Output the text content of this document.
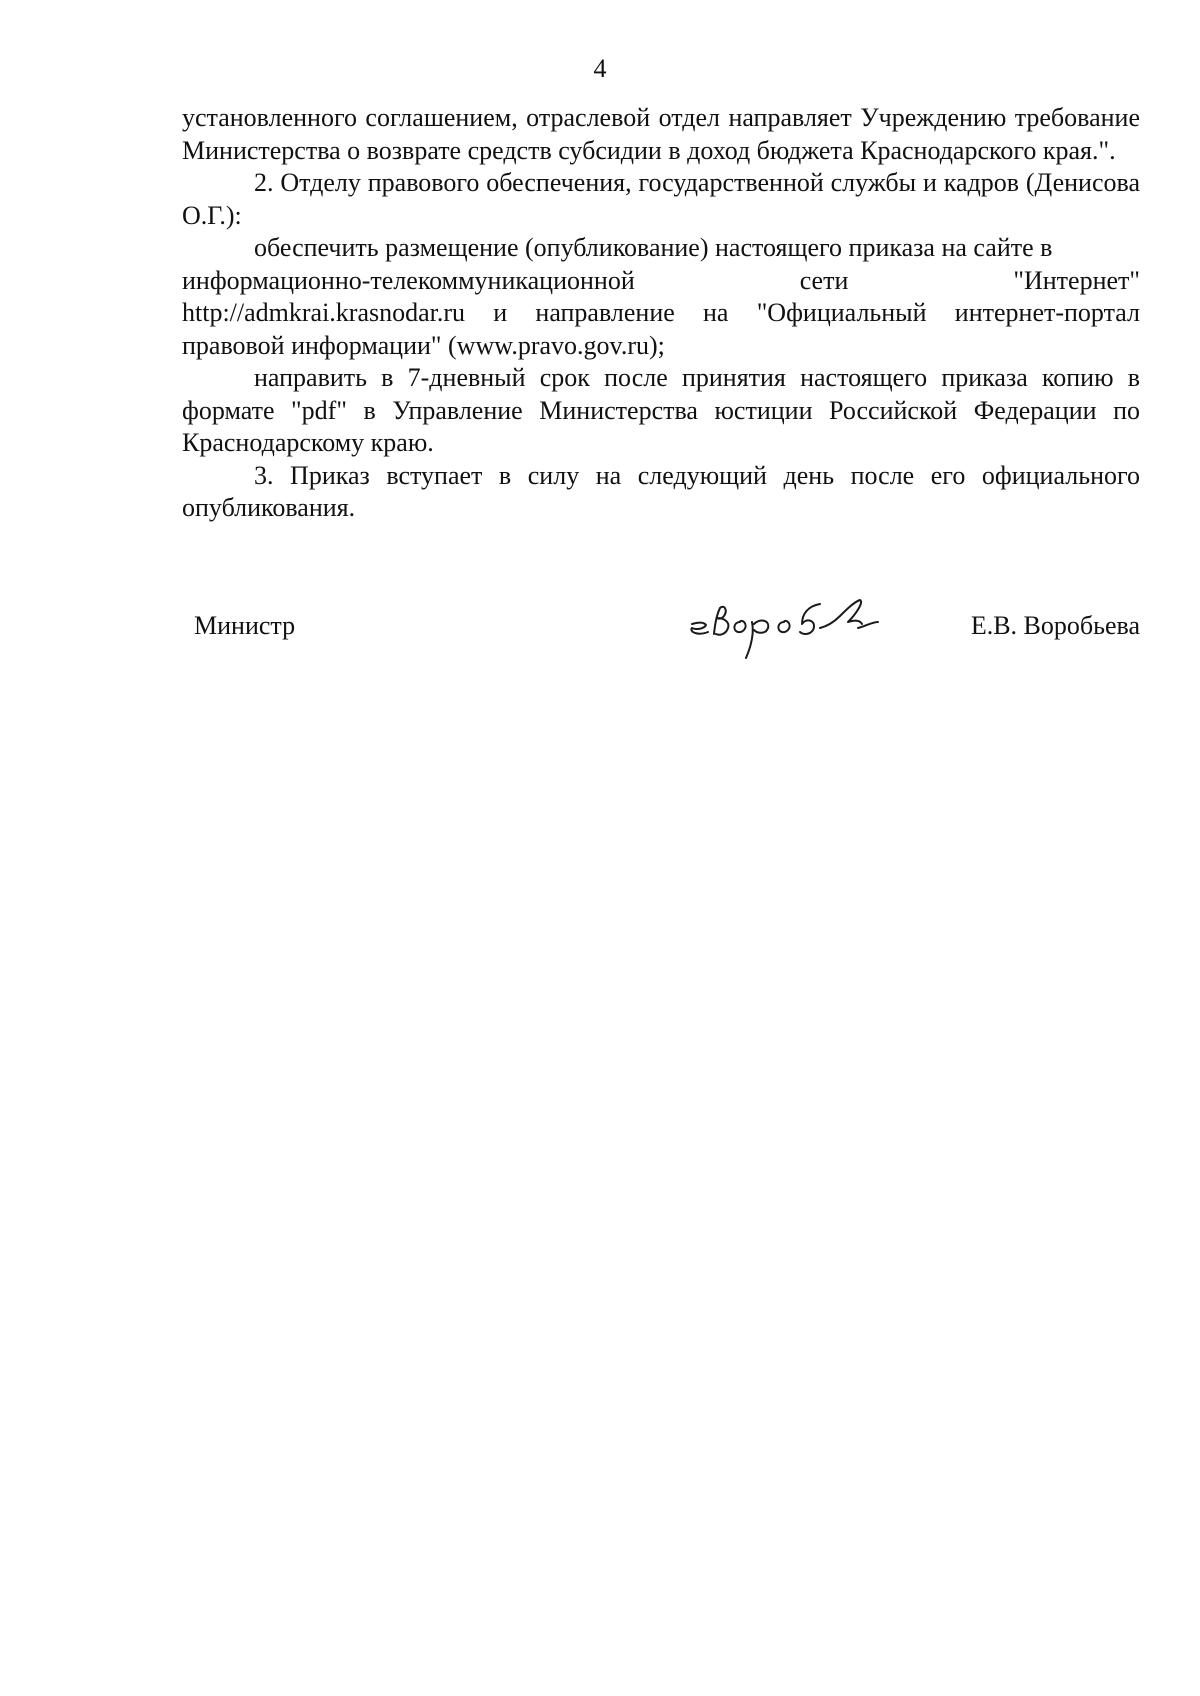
4

установленного соглашением, отраслевой отдел направляет Учреждению требование Министерства о возврате средств субсидии в доход бюджета Краснодарского края.".

2. Отделу правового обеспечения, государственной службы и кадров (Денисова О.Г.):

обеспечить размещение (опубликование) настоящего приказа на сайте в

информационно-телекоммуникационной	сети	"Интернет"

http://admkrai.krasnodar.ru и направление на "Официальный интернет-портал правовой информации" (www.pravo.gov.ru);

направить в 7-дневный срок после принятия настоящего приказа копию в формате "pdf" в Управление Министерства юстиции Российской Федерации по Краснодарскому краю.

3. Приказ вступает в силу на следующий день после его официального опубликования.

Министр	Е.В. Воробьева
